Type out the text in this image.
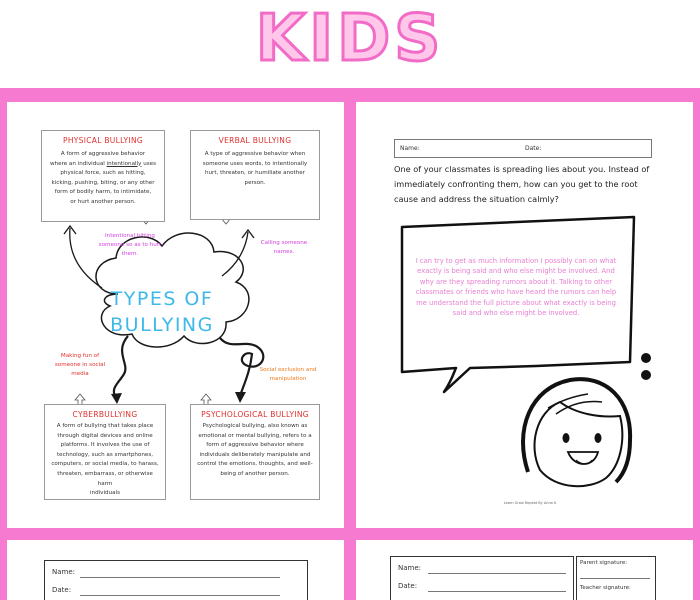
KIDS
PHYSICAL BULLYING
A form of aggressive behavior
where an individual intentionally uses
physical force, such as hitting,
kicking, pushing, biting, or any other
form of bodily harm, to intimidate,
or hurt another person.
VERBAL BULLYING
A type of aggressive behavior when
someone uses words, to intentionally
hurt, threaten, or humiliate another
person.
CYBERBULLYING
A form of bullying that takes place
through digital devices and online
platforms. It involves the use of
technology, such as smartphones,
computers, or social media, to harass,
threaten, embarrass, or otherwise harm
individuals
PSYCHOLOGICAL BULLYING
Psychological bullying, also known as
emotional or mental bullying, refers to a
form of aggressive behavior where
individuals deliberately manipulate and
control the emotions, thoughts, and well-
being of another person.
Intentional hitting
someone so as to hurt
them.
Calling someone
names.
Making fun of
someone in social
media
Social exclusion and
manipulation
TYPES OF
BULLYING
Name:	Date:
One of your classmates is spreading lies about you. Instead of immediately confronting them, how can you get to the root cause and address the situation calmly?
I can try to get as much information I possibly can on what exactly is being said and who else might be involved. And why are they spreading rumors about it. Talking to other classmates or friends who have heard the rumors can help me understand the full picture about what exactly is being said and who else might be involved.
Learn Grow Repeat By Anna K
Name:
Date:
Name:
Date:
Parent signature:
Teacher signature:
